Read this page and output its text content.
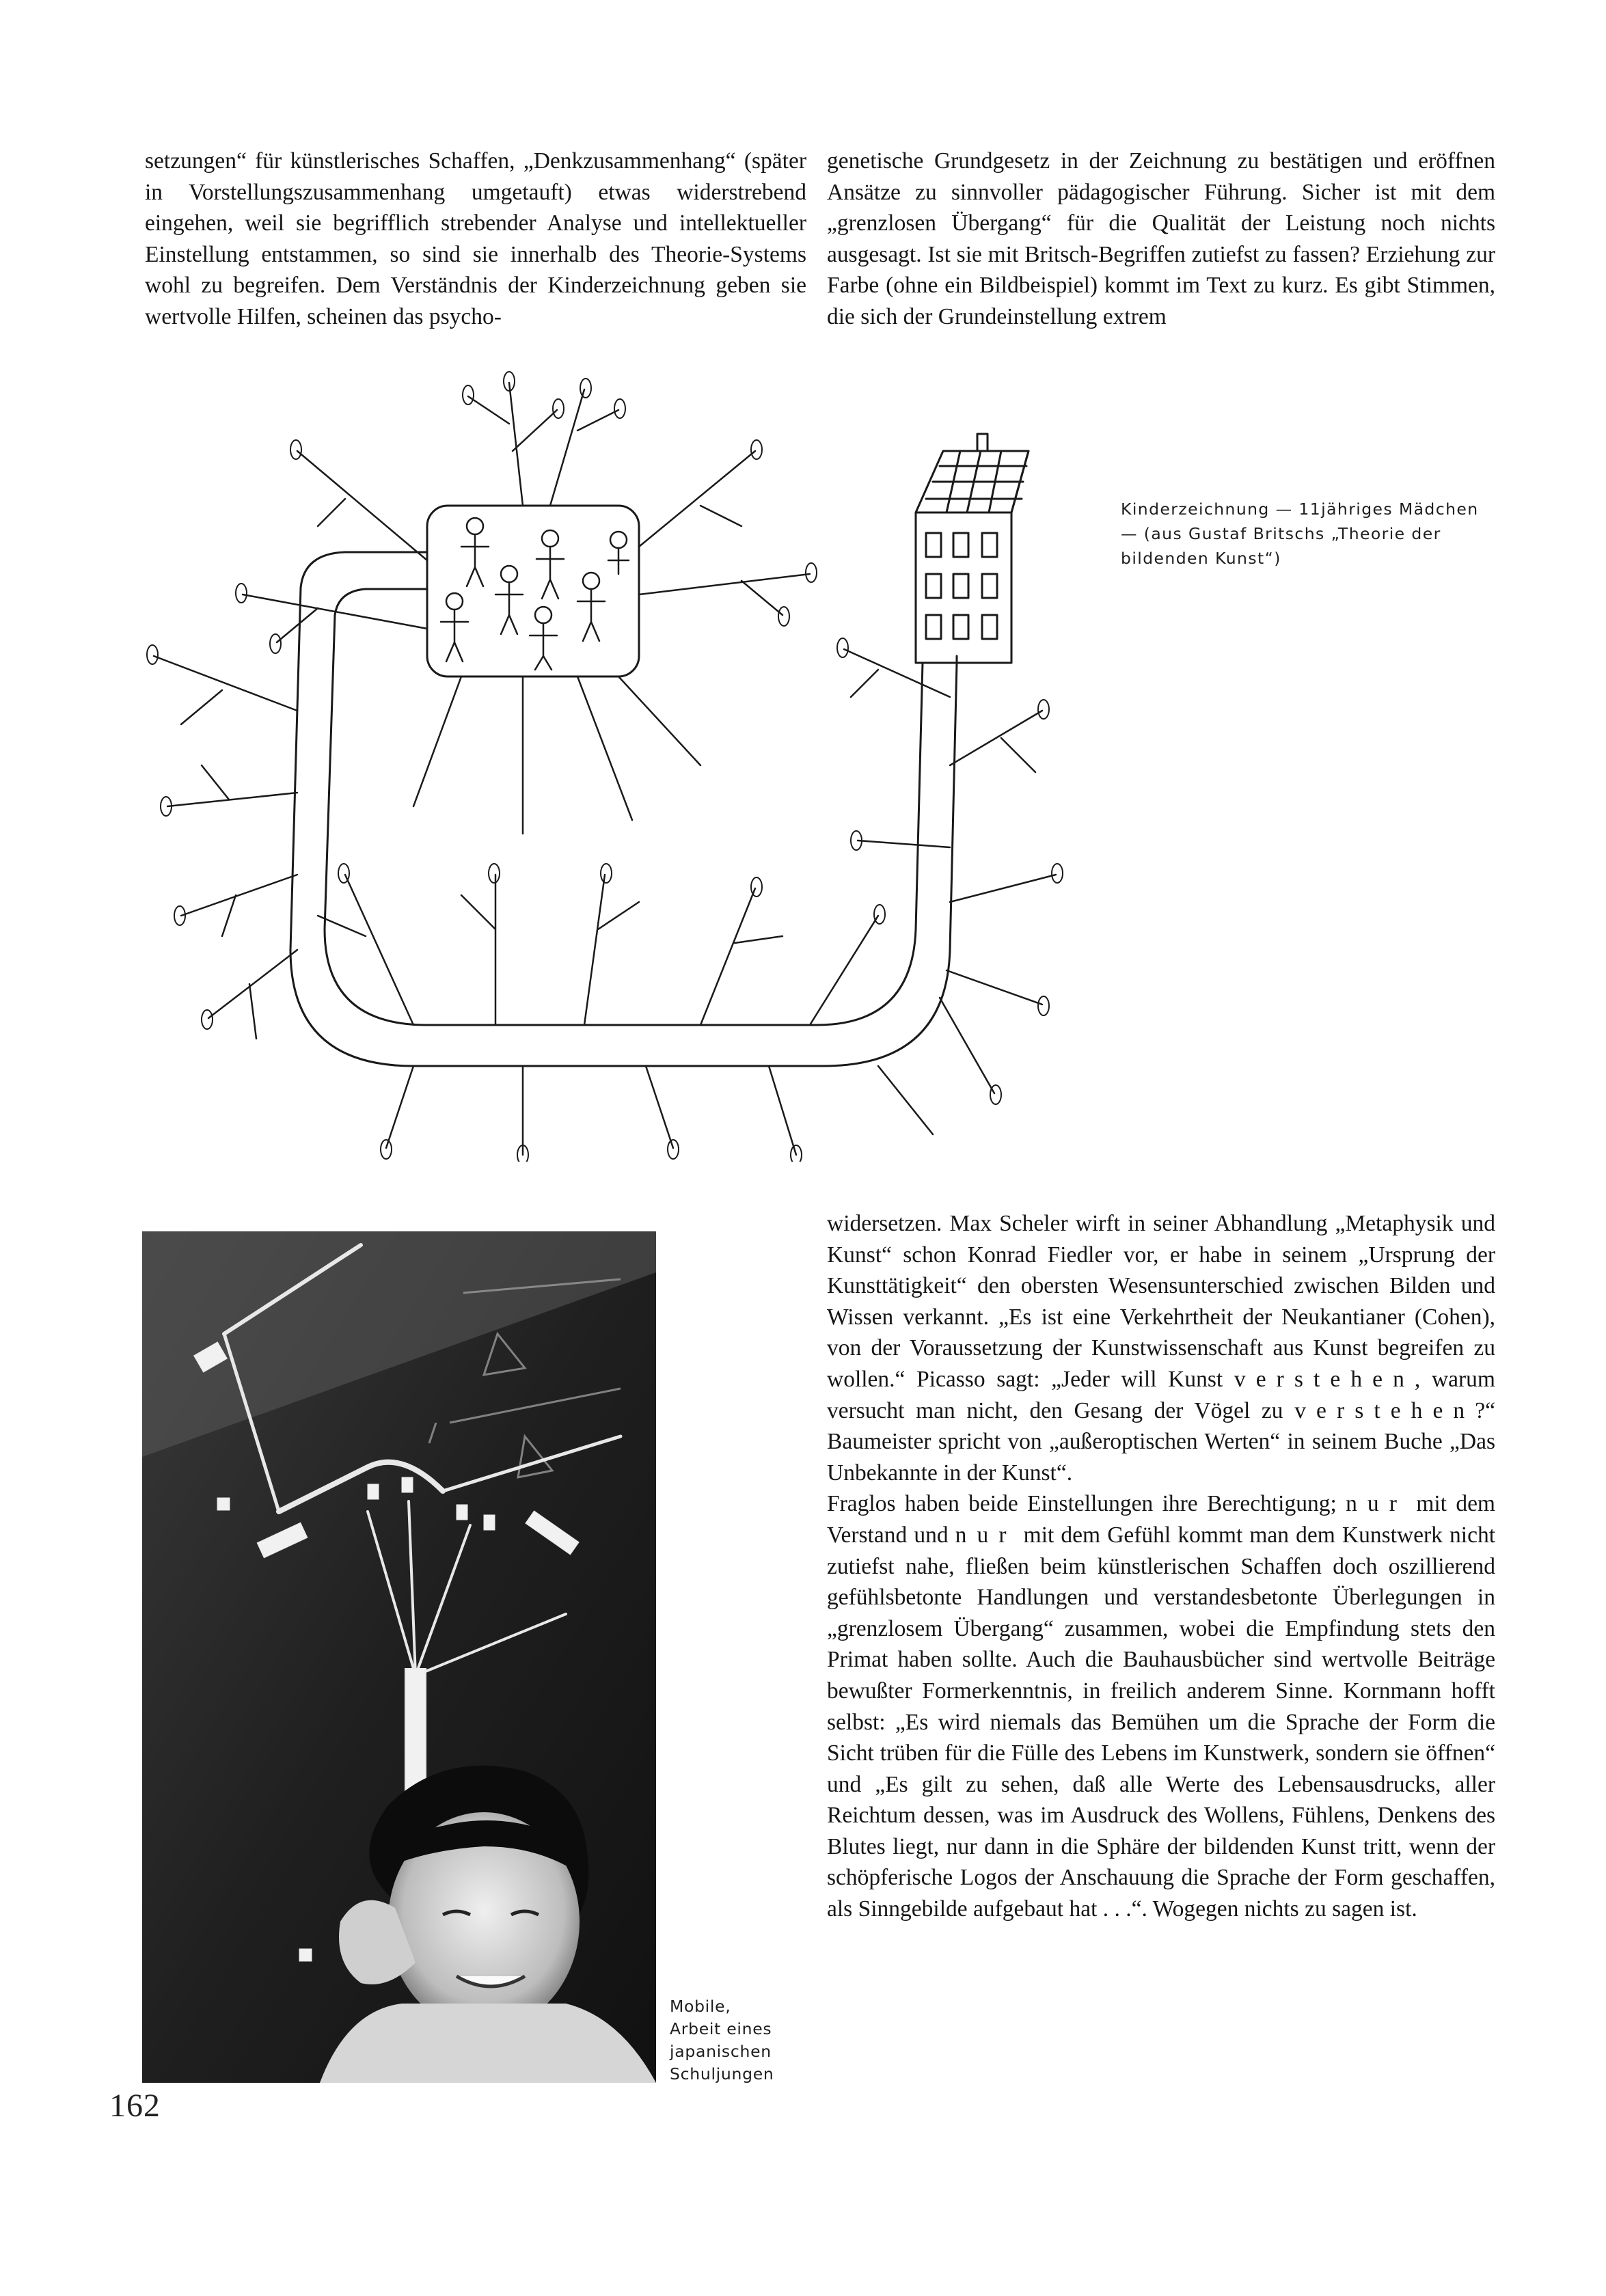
setzungen“ für künstlerisches Schaffen, „Denkzusammenhang“ (später in Vorstellungszusammenhang umgetauft) etwas widerstrebend eingehen, weil sie begrifflich strebender Analyse und intellektueller Einstellung entstammen, so sind sie innerhalb des Theorie-Systems wohl zu begreifen. Dem Verständnis der Kinderzeichnung geben sie wertvolle Hilfen, scheinen das psycho-

genetische Grundgesetz in der Zeichnung zu bestätigen und eröffnen Ansätze zu sinnvoller pädagogischer Führung. Sicher ist mit dem „grenzlosen Übergang“ für die Qualität der Leistung noch nichts ausgesagt. Ist sie mit Britsch-Begriffen zutiefst zu fassen? Erziehung zur Farbe (ohne ein Bildbeispiel) kommt im Text zu kurz. Es gibt Stimmen, die sich der Grundeinstellung extrem

Kinderzeichnung — 11jähriges Mädchen — (aus Gustaf Britschs „Theorie der bildenden Kunst“)
Mobile,
Arbeit eines
japanischen
Schuljungen

widersetzen. Max Scheler wirft in seiner Abhandlung „Metaphysik und Kunst“ schon Konrad Fiedler vor, er habe in seinem „Ursprung der Kunsttätigkeit“ den obersten Wesensunterschied zwischen Bilden und Wissen verkannt. „Es ist eine Verkehrtheit der Neukantianer (Cohen), von der Voraussetzung der Kunstwissenschaft aus Kunst begreifen zu wollen.“ Picasso sagt: „Jeder will Kunst verstehen, warum versucht man nicht, den Gesang der Vögel zu verstehen?“ Baumeister spricht von „außeroptischen Werten“ in seinem Buche „Das Unbekannte in der Kunst“.

Fraglos haben beide Einstellungen ihre Berechtigung; nur mit dem Verstand und nur mit dem Gefühl kommt man dem Kunstwerk nicht zutiefst nahe, fließen beim künstlerischen Schaffen doch oszillierend gefühlsbetonte Handlungen und verstandesbetonte Überlegungen in „grenzlosem Übergang“ zusammen, wobei die Empfindung stets den Primat haben sollte. Auch die Bauhausbücher sind wertvolle Beiträge bewußter Formerkenntnis, in freilich anderem Sinne. Kornmann hofft selbst: „Es wird niemals das Bemühen um die Sprache der Form die Sicht trüben für die Fülle des Lebens im Kunstwerk, sondern sie öffnen“ und „Es gilt zu sehen, daß alle Werte des Lebensausdrucks, aller Reichtum dessen, was im Ausdruck des Wollens, Fühlens, Denkens des Blutes liegt, nur dann in die Sphäre der bildenden Kunst tritt, wenn der schöpferische Logos der Anschauung die Sprache der Form geschaffen, als Sinngebilde aufgebaut hat . . .“. Wogegen nichts zu sagen ist.

162
